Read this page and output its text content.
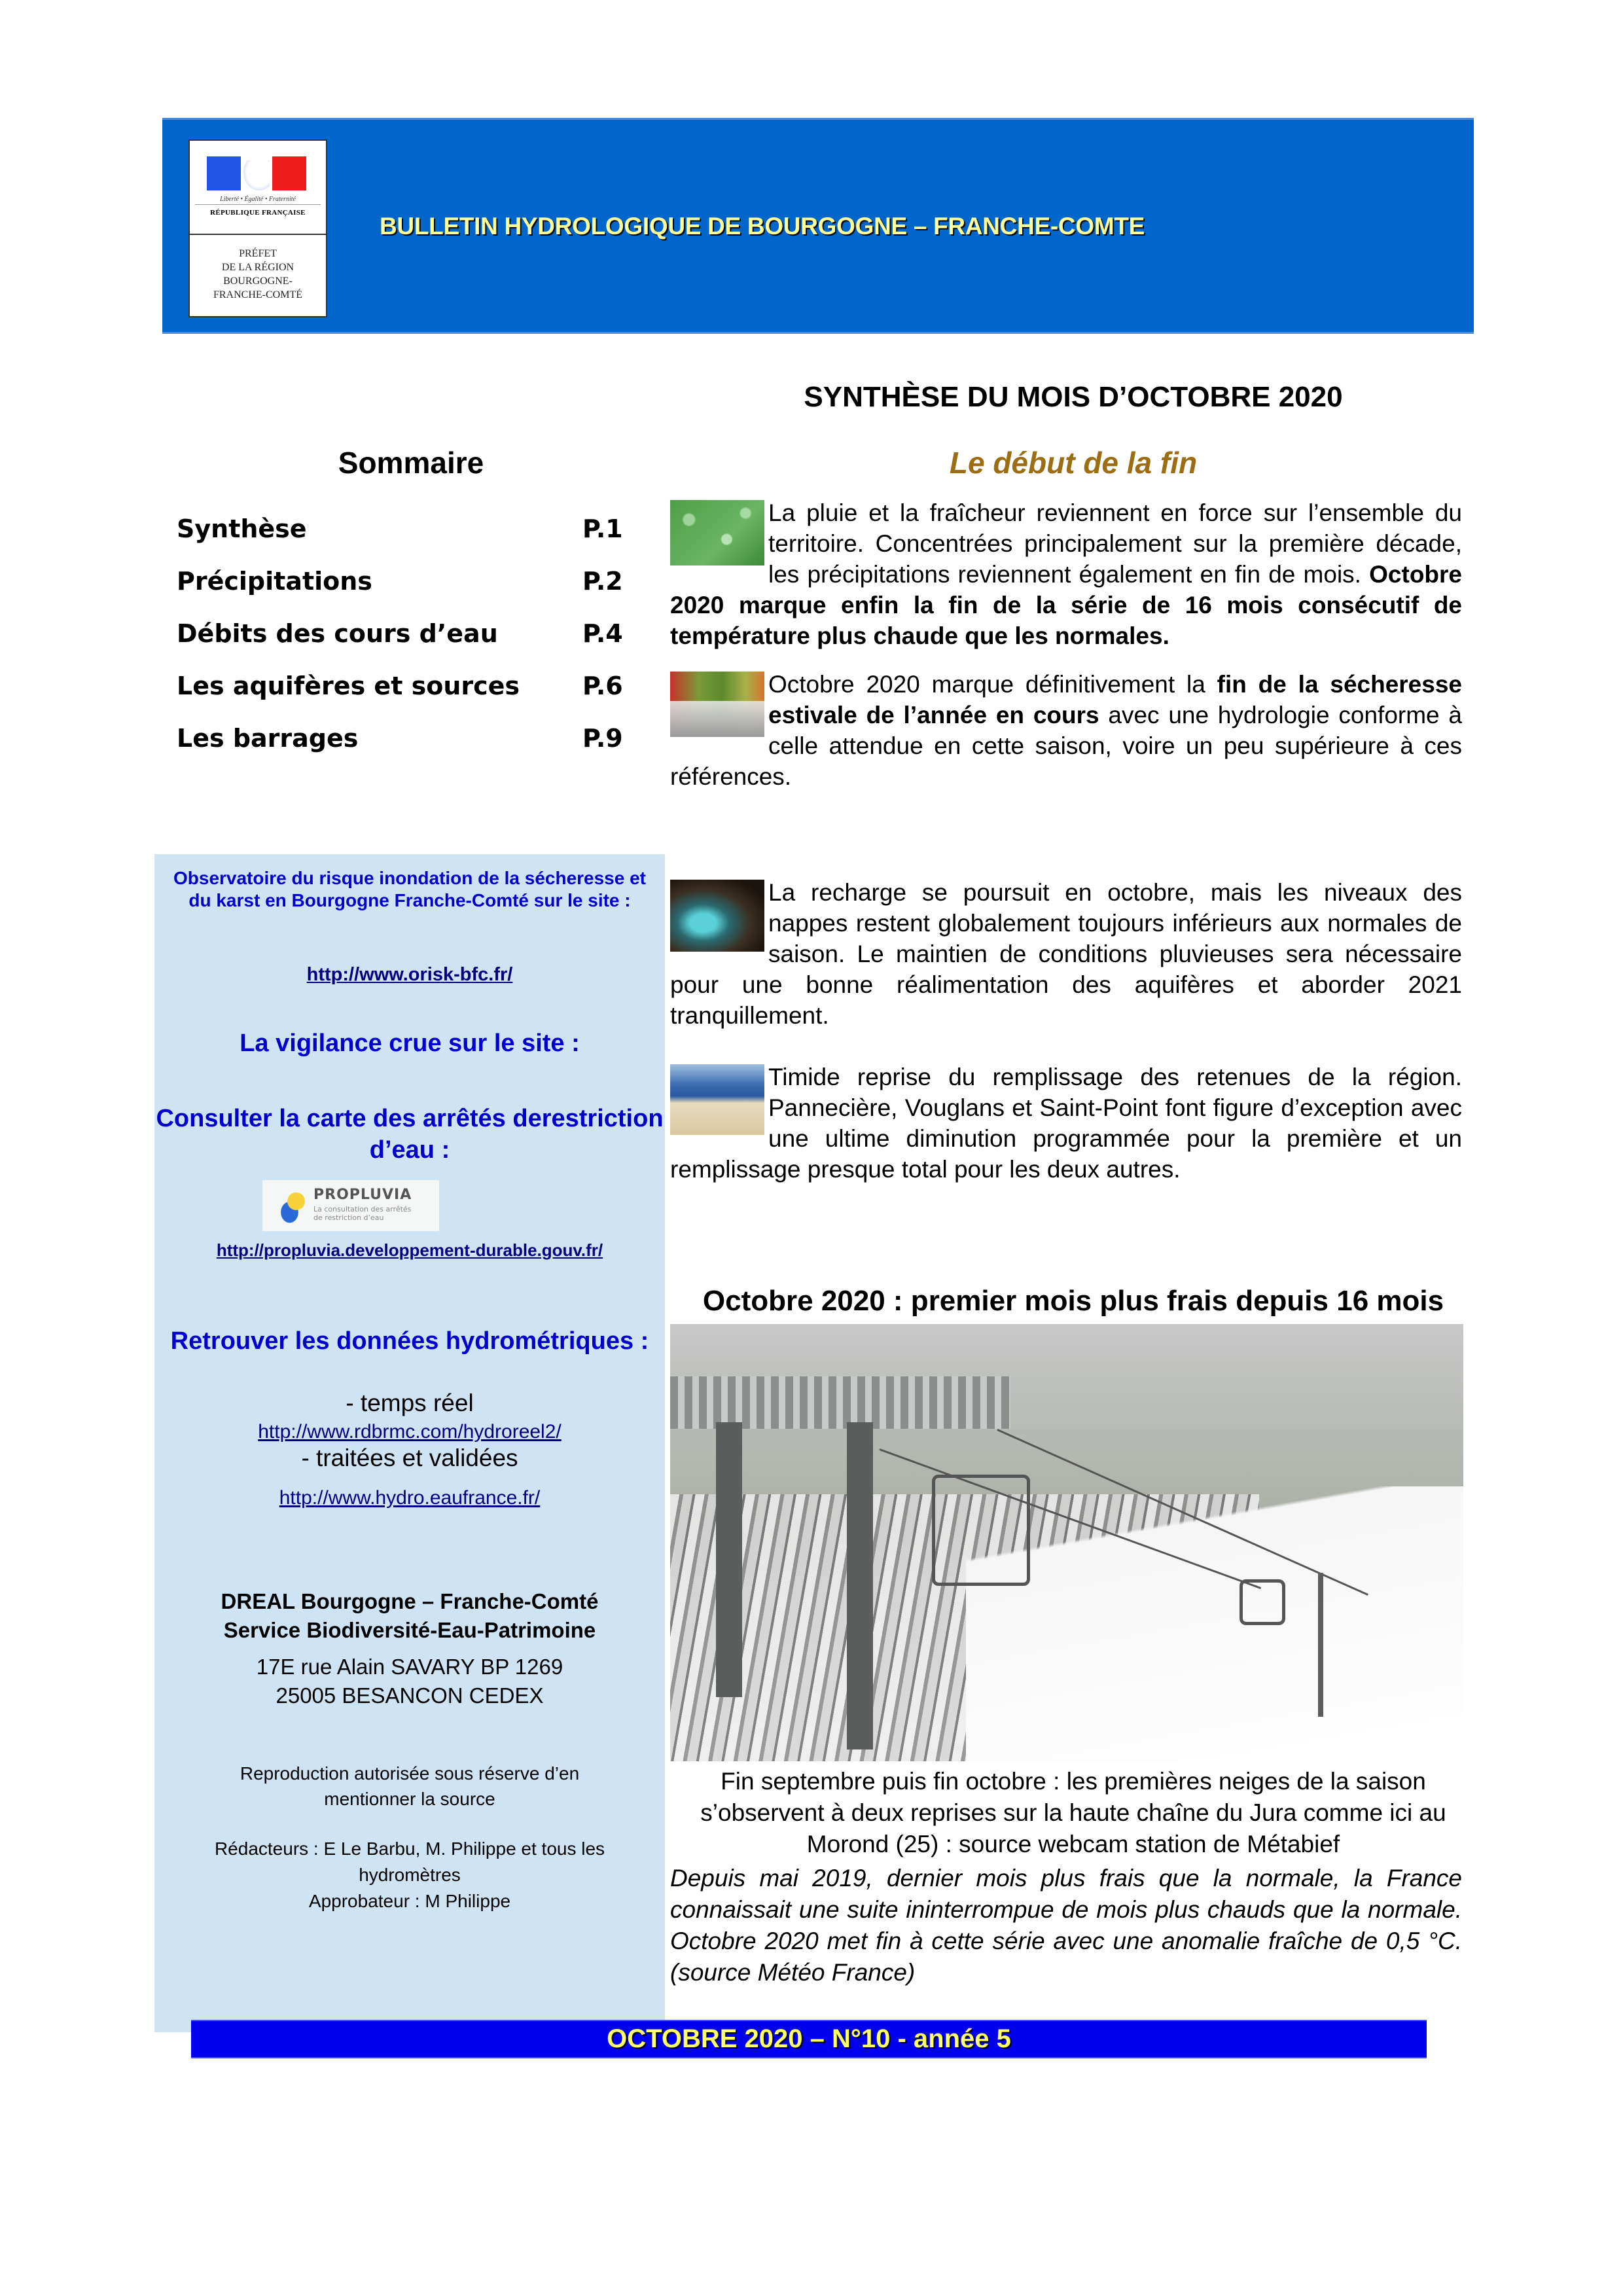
Liberté • Égalité • Fraternité
RÉPUBLIQUE FRANÇAISE
PRÉFET
DE LA RÉGION
BOURGOGNE-
FRANCHE-COMTÉ
BULLETIN HYDROLOGIQUE DE BOURGOGNE – FRANCHE-COMTE
Sommaire
Synthèse	P.1
Précipitations	P.2
Débits des cours d’eau	P.4
Les aquifères et sources	P.6
Les barrages	P.9
SYNTHÈSE DU MOIS D’OCTOBRE 2020
Le début de la fin
La pluie et la fraîcheur reviennent en force sur l’ensemble du territoire. Concentrées principalement sur la première décade, les précipitations reviennent également en fin de mois. Octobre 2020 marque enfin la fin de la série de 16 mois consécutif de température plus chaude que les normales.
Octobre 2020 marque définitivement la fin de la sécheresse estivale de l’année en cours avec une hydrologie conforme à celle attendue en cette saison, voire un peu supérieure à ces références.
La recharge se poursuit en octobre, mais les niveaux des nappes restent globalement toujours inférieurs aux normales de saison. Le maintien de conditions pluvieuses sera nécessaire pour une bonne réalimentation des aquifères et aborder 2021 tranquillement.
Timide reprise du remplissage des retenues de la région. Pannecière, Vouglans et Saint-Point font figure d’exception avec une ultime diminution programmée pour la première et un remplissage presque total pour les deux autres.
Observatoire du risque inondation de la sécheresse et du karst en Bourgogne Franche-Comté sur le site :
http://www.orisk-bfc.fr/
La vigilance crue sur le site :
Consulter la carte des arrêtés derestriction d’eau :
PROPLUVIA
La consultation des arrêtés
de restriction d’eau
http://propluvia.developpement-durable.gouv.fr/
Retrouver les données hydrométriques :
- temps réel
http://www.rdbrmc.com/hydroreel2/
- traitées et validées
http://www.hydro.eaufrance.fr/
DREAL Bourgogne – Franche-Comté
Service Biodiversité-Eau-Patrimoine
17E rue Alain SAVARY BP 1269
25005 BESANCON CEDEX
Reproduction autorisée sous réserve d’en mentionner la source
Rédacteurs : E Le Barbu, M. Philippe et tous les hydromètres
Approbateur : M Philippe
Octobre 2020 : premier mois plus frais depuis 16 mois
Fin septembre puis fin octobre : les premières neiges de la saison s’observent à deux reprises sur la haute chaîne du Jura comme ici au Morond (25) : source webcam station de Métabief
Depuis mai 2019, dernier mois plus frais que la normale, la France connaissait une suite ininterrompue de mois plus chauds que la normale. Octobre 2020 met fin à cette série avec une anomalie fraîche de 0,5 °C. (source Météo France)
OCTOBRE 2020 – N°10 - année 5
